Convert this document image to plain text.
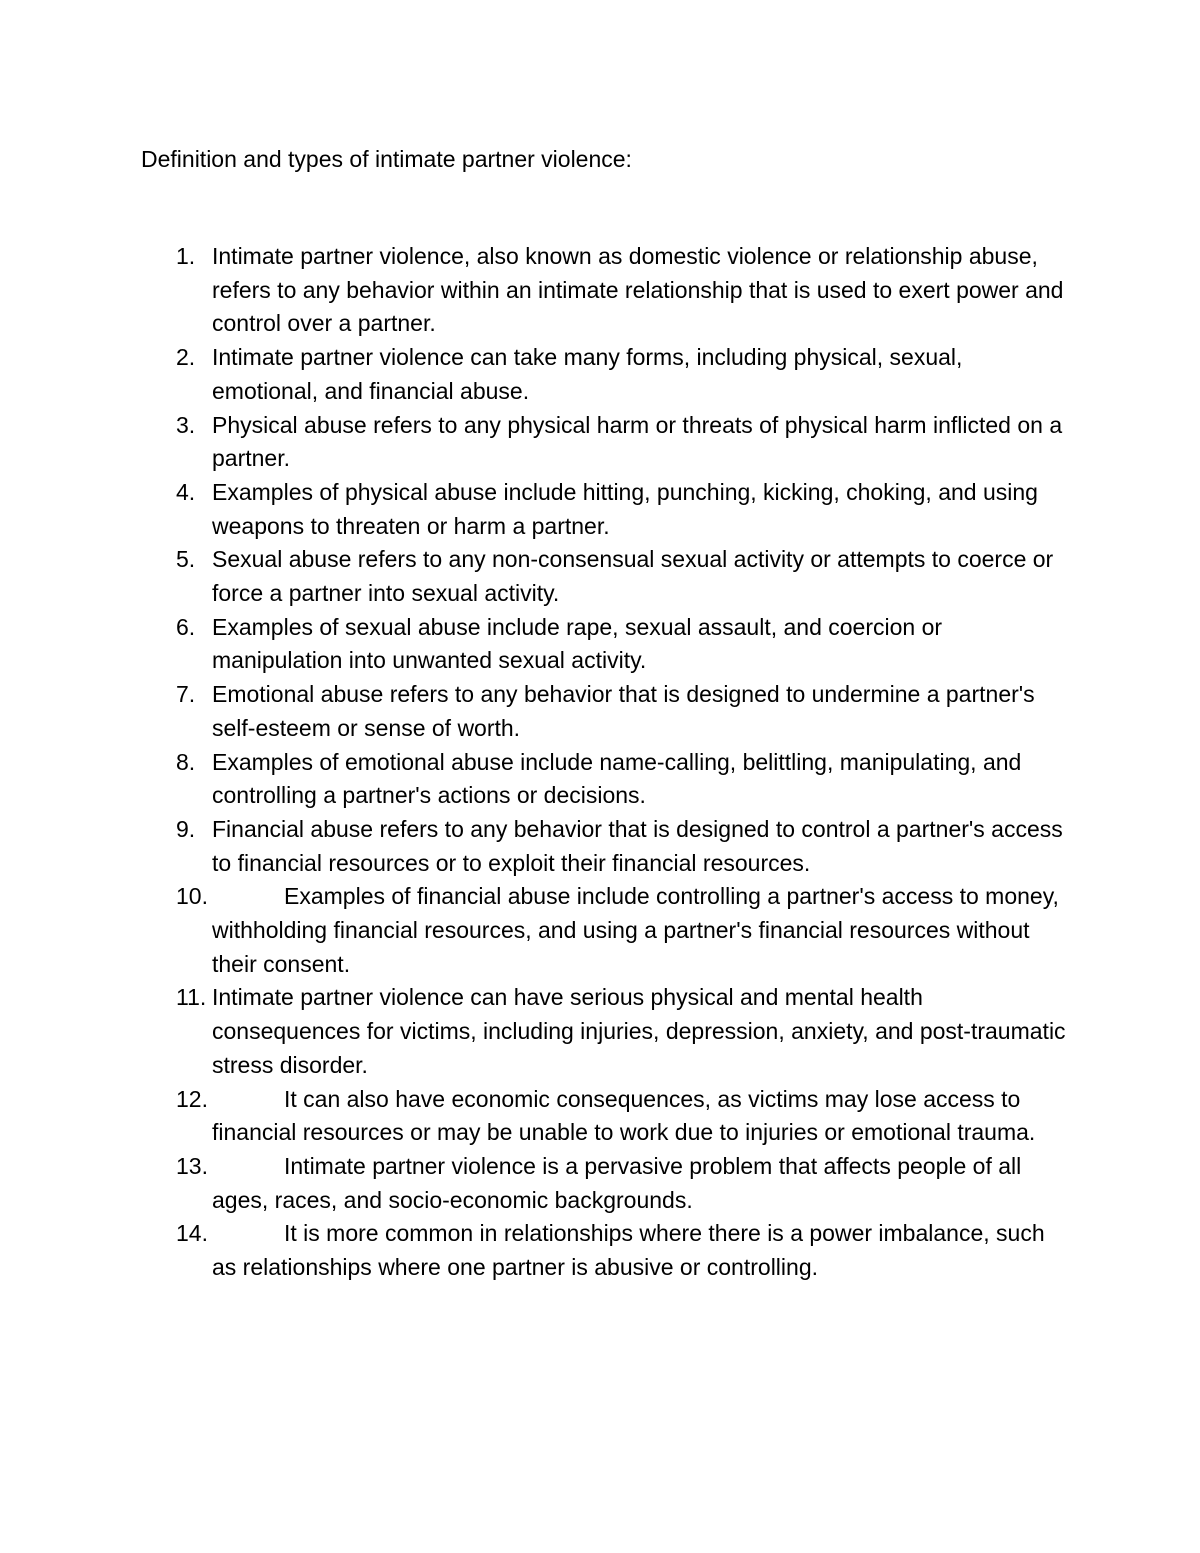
Definition and types of intimate partner violence:
1. Intimate partner violence, also known as domestic violence or relationship abuse, refers to any behavior within an intimate relationship that is used to exert power and control over a partner.
2. Intimate partner violence can take many forms, including physical, sexual, emotional, and financial abuse.
3. Physical abuse refers to any physical harm or threats of physical harm inflicted on a partner.
4. Examples of physical abuse include hitting, punching, kicking, choking, and using weapons to threaten or harm a partner.
5. Sexual abuse refers to any non-consensual sexual activity or attempts to coerce or force a partner into sexual activity.
6. Examples of sexual abuse include rape, sexual assault, and coercion or manipulation into unwanted sexual activity.
7. Emotional abuse refers to any behavior that is designed to undermine a partner's self-esteem or sense of worth.
8. Examples of emotional abuse include name-calling, belittling, manipulating, and controlling a partner's actions or decisions.
9. Financial abuse refers to any behavior that is designed to control a partner's access to financial resources or to exploit their financial resources.
10.	Examples of financial abuse include controlling a partner's access to money, withholding financial resources, and using a partner's financial resources without their consent.
11. Intimate partner violence can have serious physical and mental health consequences for victims, including injuries, depression, anxiety, and post-traumatic stress disorder.
12.	It can also have economic consequences, as victims may lose access to financial resources or may be unable to work due to injuries or emotional trauma.
13.	Intimate partner violence is a pervasive problem that affects people of all ages, races, and socio-economic backgrounds.
14.	It is more common in relationships where there is a power imbalance, such as relationships where one partner is abusive or controlling.
